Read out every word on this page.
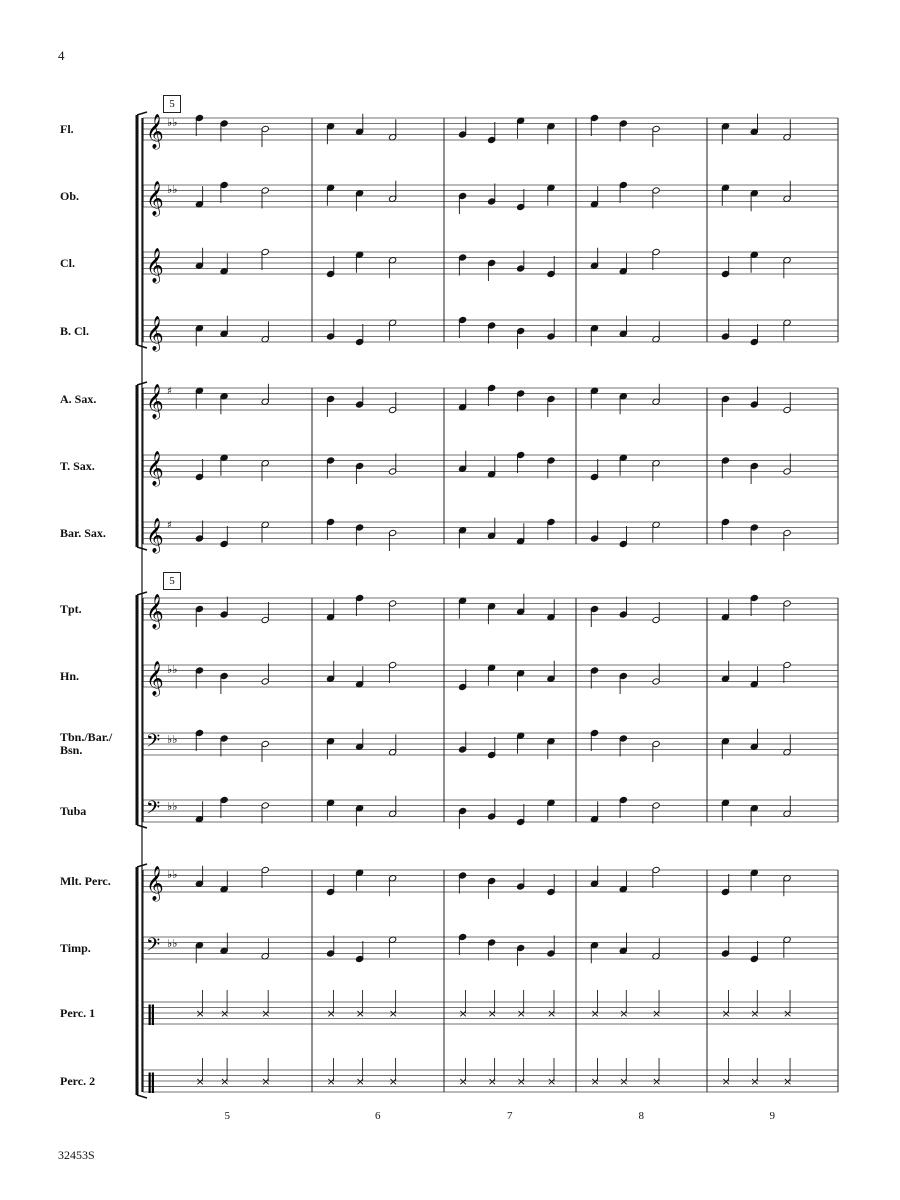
4
5
5
Fl.
Ob.
Cl.
B. Cl.
A. Sax.
T. Sax.
Bar. Sax.
Tpt.
Hn.
Tbn./Bar./
Bsn.
Tuba
Mlt. Perc.
Timp.
Perc. 1
Perc. 2
𝄞 ♭♭
𝄞 ♭♭
𝄞
𝄞
𝄞 ♯
𝄞
𝄞 ♯
𝄞
𝄞 ♭♭
𝄢 ♭♭
𝄢 ♭♭
𝄞 ♭♭
𝄢 ♭♭
‖	× ×	×	× × ×	× × × ×	× × ×	× × ×
‖	× ×	×	× × ×	× × × ×	× × ×	× × ×
5	6	7	8	9
32453S
